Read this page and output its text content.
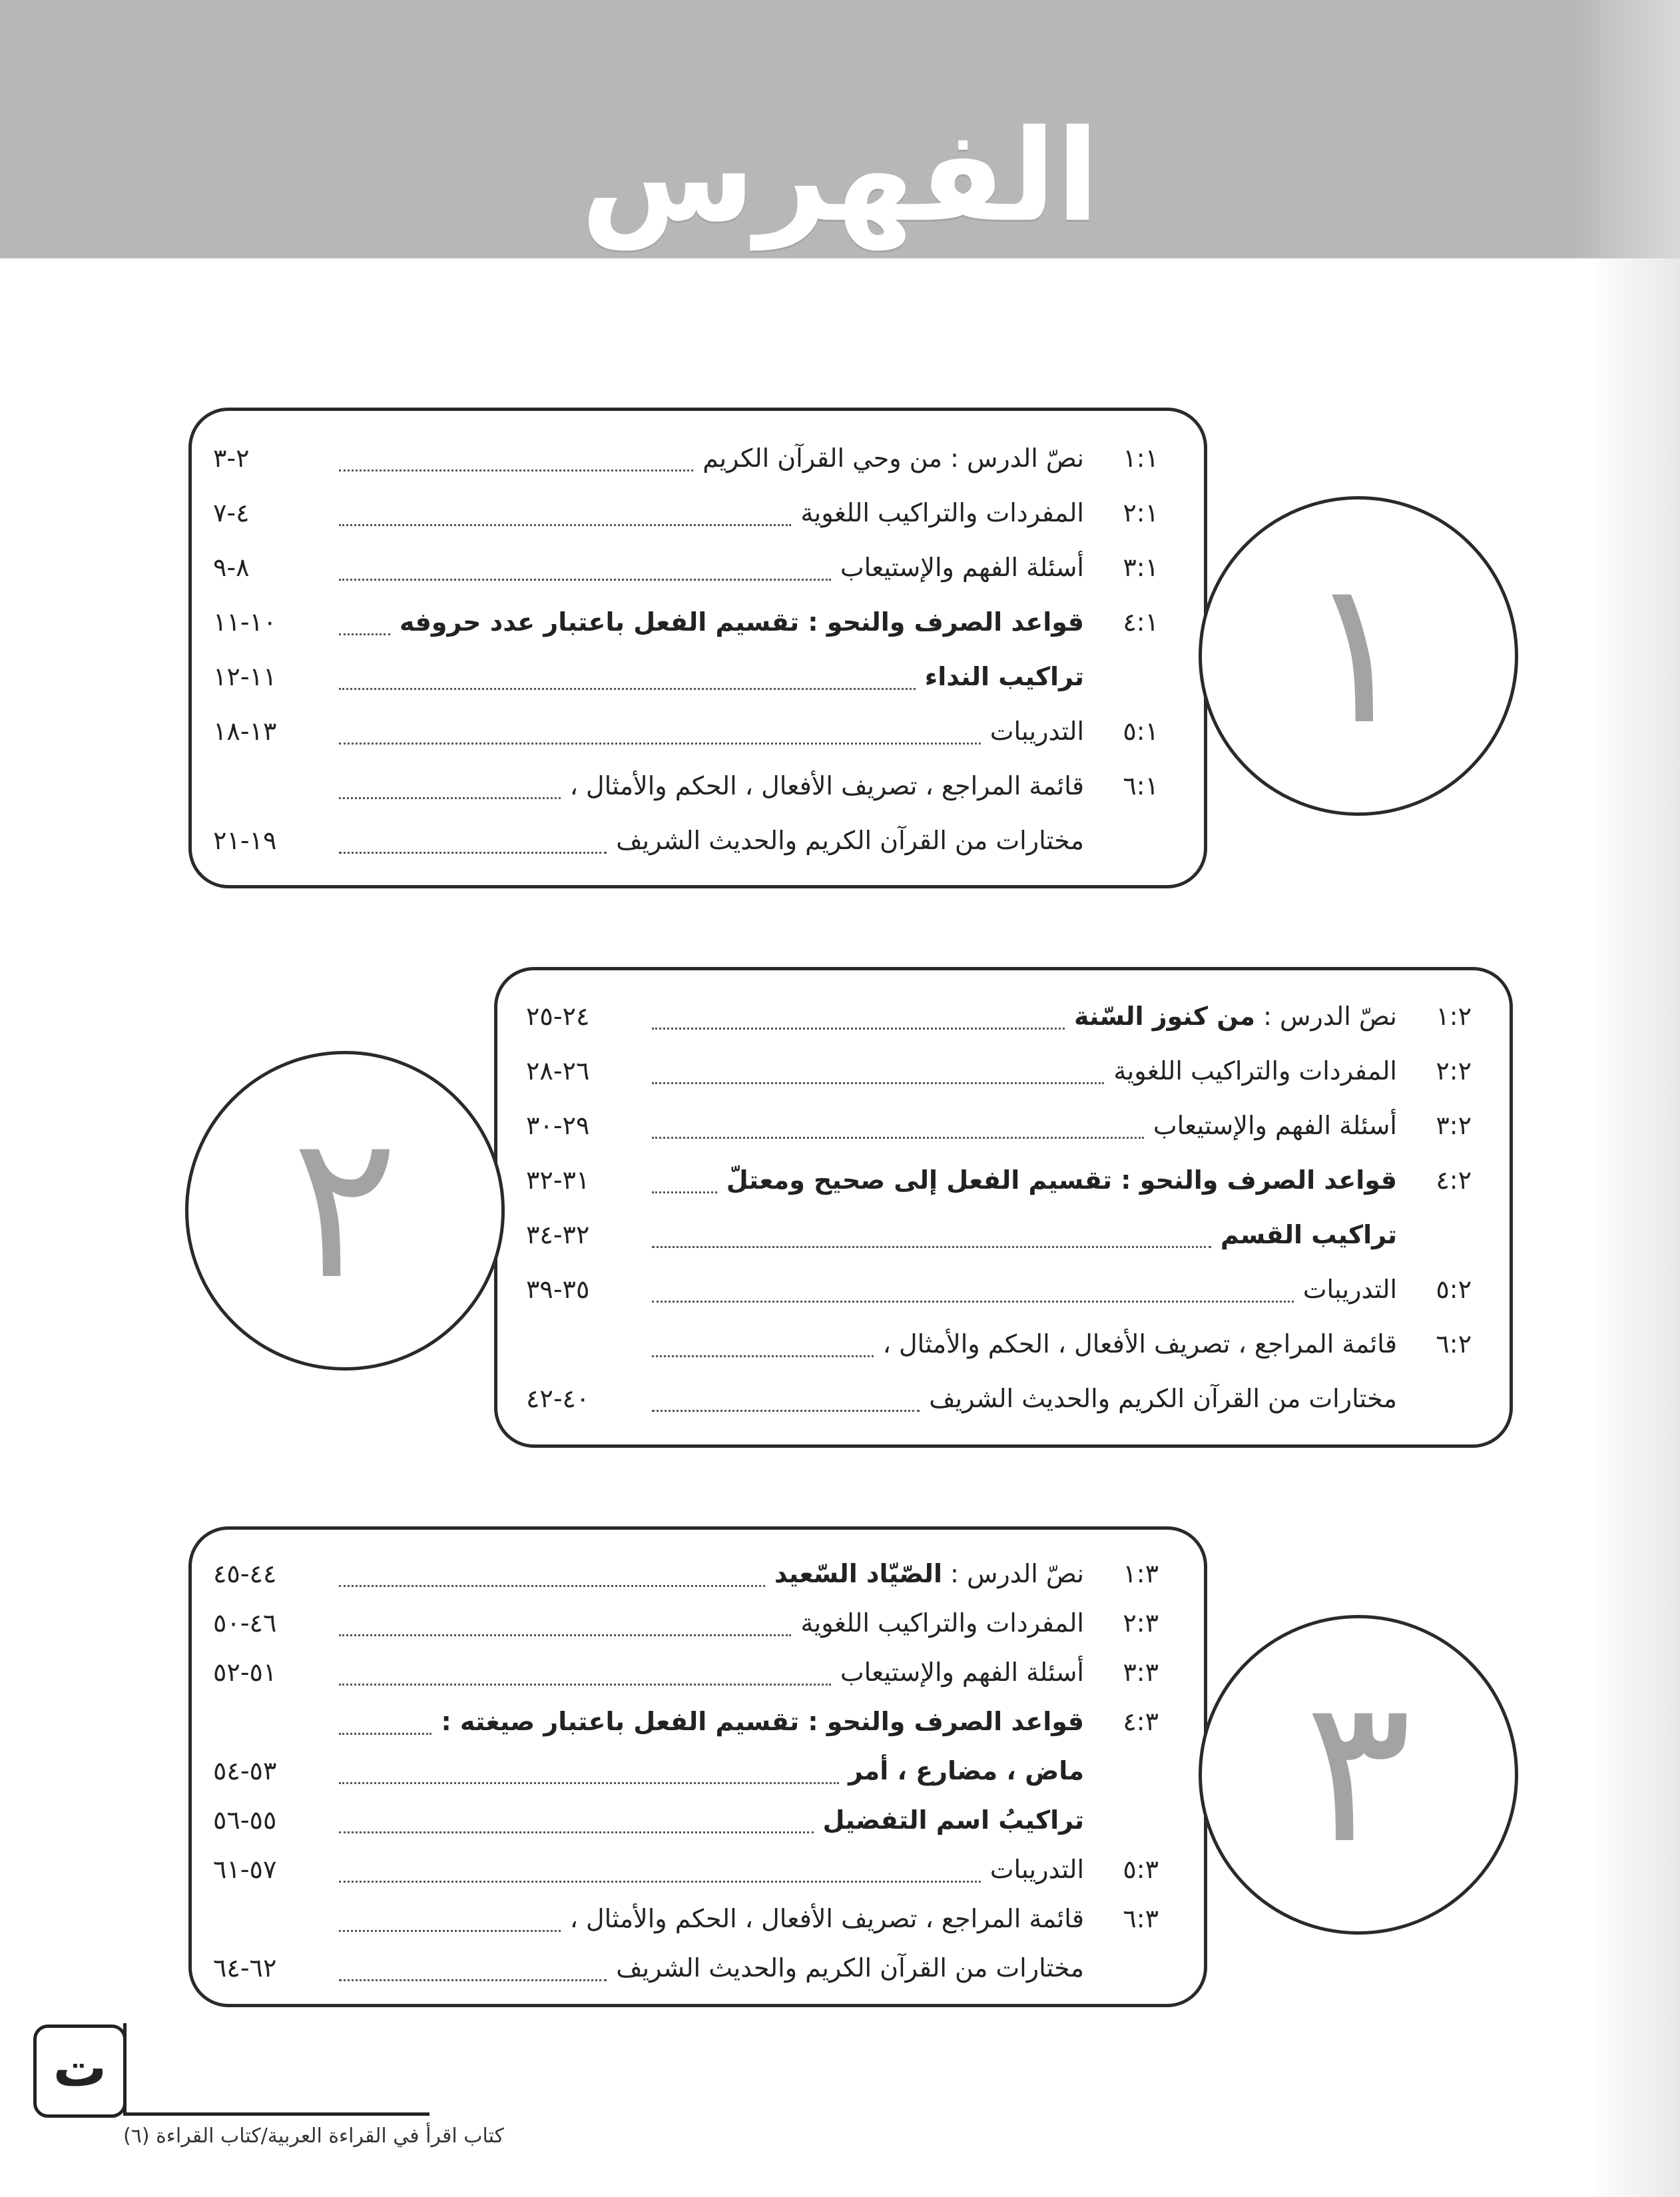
الفهرس
١
١:١
نصّ الدرس : من وحي القرآن الكريم
٢-٣
٢:١
المفردات والتراكيب اللغوية
٤-٧
٣:١
أسئلة الفهم والإستيعاب
٨-٩
٤:١
قواعد الصرف والنحو : تقسيم الفعل باعتبار عدد حروفه
١٠-١١
تراكيب النداء
١١-١٢
٥:١
التدريبات
١٣-١٨
٦:١
قائمة المراجع ، تصريف الأفعال ، الحكم والأمثال ،
مختارات من القرآن الكريم والحديث الشريف
١٩-٢١
٢
١:٢
نصّ الدرس : من كنوز السّنة
٢٤-٢٥
٢:٢
المفردات والتراكيب اللغوية
٢٦-٢٨
٣:٢
أسئلة الفهم والإستيعاب
٢٩-٣٠
٤:٢
قواعد الصرف والنحو : تقسيم الفعل إلى صحيح ومعتلّ
٣١-٣٢
تراكيب القسم
٣٢-٣٤
٥:٢
التدريبات
٣٥-٣٩
٦:٢
قائمة المراجع ، تصريف الأفعال ، الحكم والأمثال ،
مختارات من القرآن الكريم والحديث الشريف
٤٠-٤٢
٣
١:٣
نصّ الدرس : الصّيّاد السّعيد
٤٤-٤٥
٢:٣
المفردات والتراكيب اللغوية
٤٦-٥٠
٣:٣
أسئلة الفهم والإستيعاب
٥١-٥٢
٤:٣
قواعد الصرف والنحو : تقسيم الفعل باعتبار صيغته :
ماض ، مضارع ، أمر
٥٣-٥٤
تراكيبُ اسم التفضيل
٥٥-٥٦
٥:٣
التدريبات
٥٧-٦١
٦:٣
قائمة المراجع ، تصريف الأفعال ، الحكم والأمثال ،
مختارات من القرآن الكريم والحديث الشريف
٦٢-٦٤
ت
كتاب اقرأ في القراءة العربية/كتاب القراءة (٦)
